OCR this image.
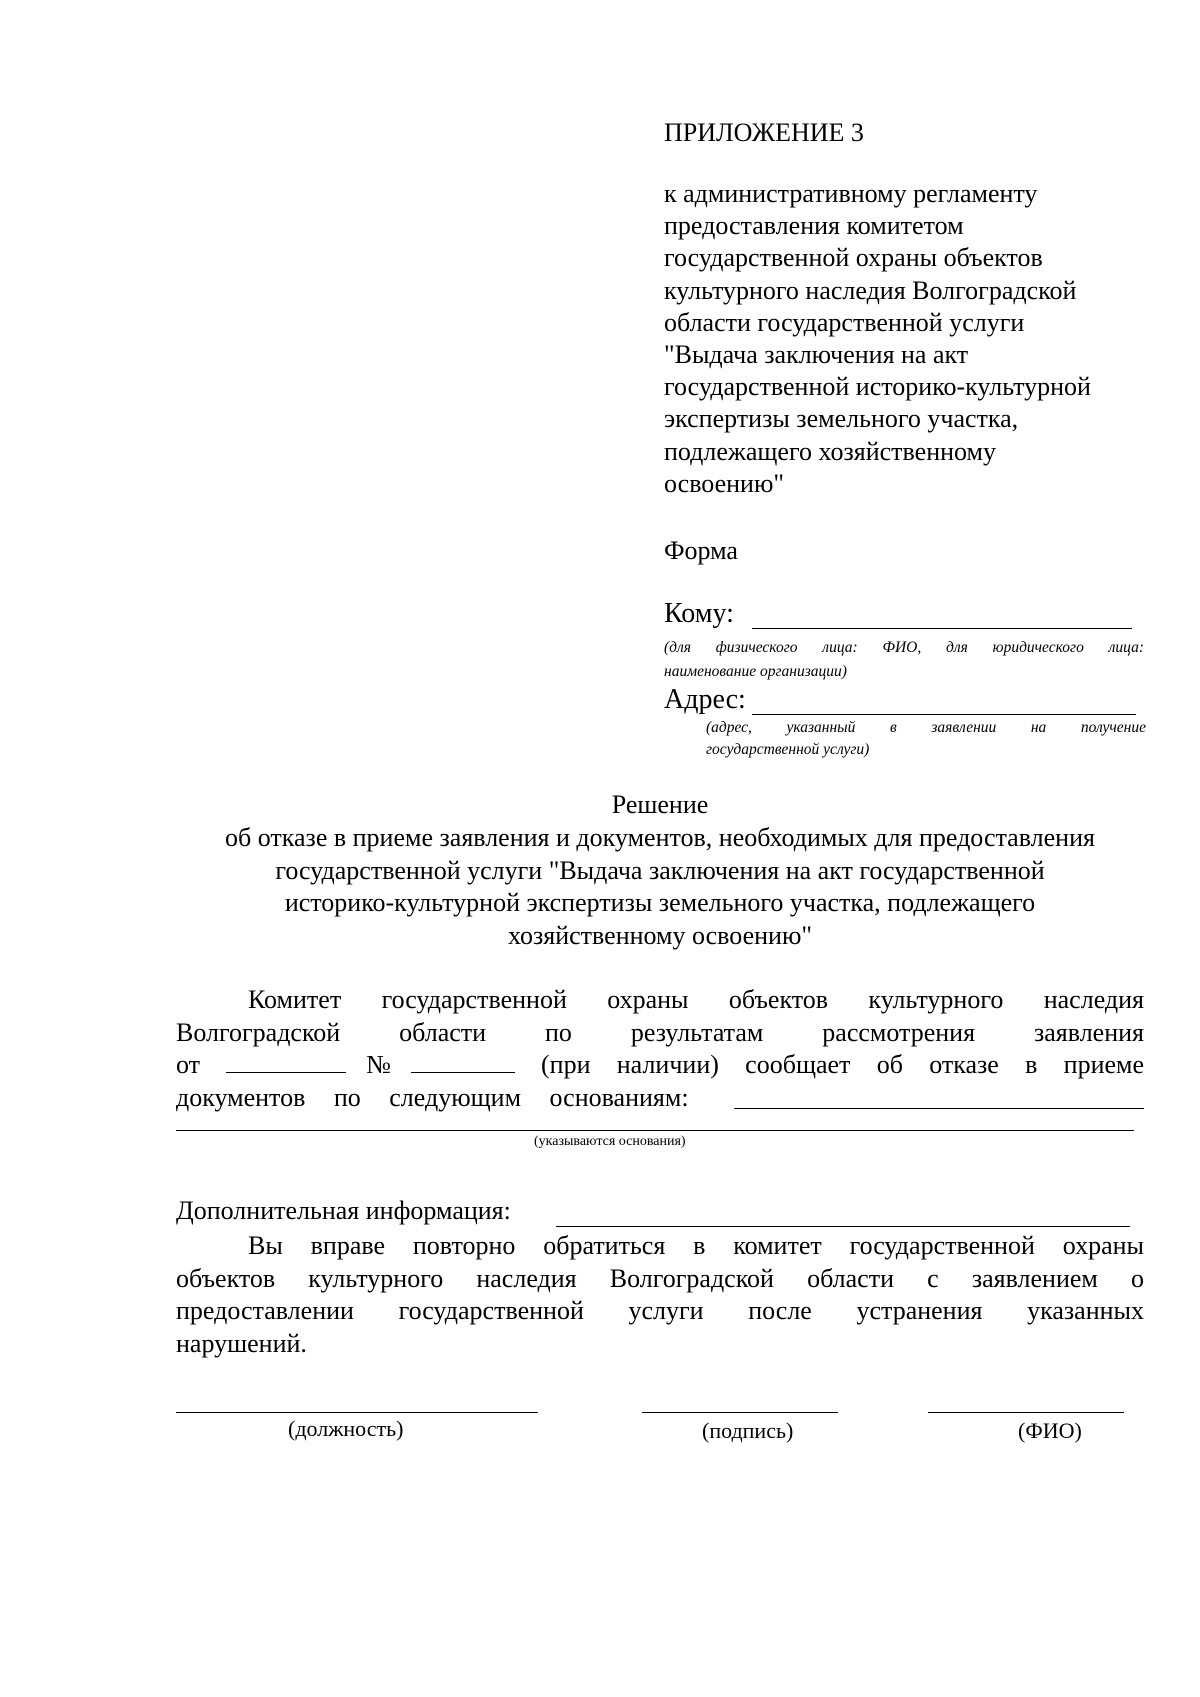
ПРИЛОЖЕНИЕ 3
к административному регламенту
предоставления комитетом
государственной охраны объектов
культурного наследия Волгоградской
области государственной услуги
"Выдача заключения на акт
государственной историко-культурной
экспертизы земельного участка,
подлежащего хозяйственному
освоению"
Форма
Кому:
(для физического лица: ФИО, для юридического лица:
наименование организации)
Адрес:
(адрес, указанный в заявлении на получение
государственной услуги)
Решение
об отказе в приеме заявления и документов, необходимых для предоставления
государственной услуги "Выдача заключения на акт государственной
историко-культурной экспертизы земельного участка, подлежащего
хозяйственному освоению"
Комитет государственной охраны объектов культурного наследия
Волгоградской области по результатам рассмотрения заявления
от	№	(при наличии) сообщает об отказе в приеме
документов по следующим основаниям:
(указываются основания)
Дополнительная информация:
Вы вправе повторно обратиться в комитет государственной охраны
объектов культурного наследия Волгоградской области с заявлением о
предоставлении государственной услуги после устранения указанных
нарушений.
(должность)	(подпись)	(ФИО)
